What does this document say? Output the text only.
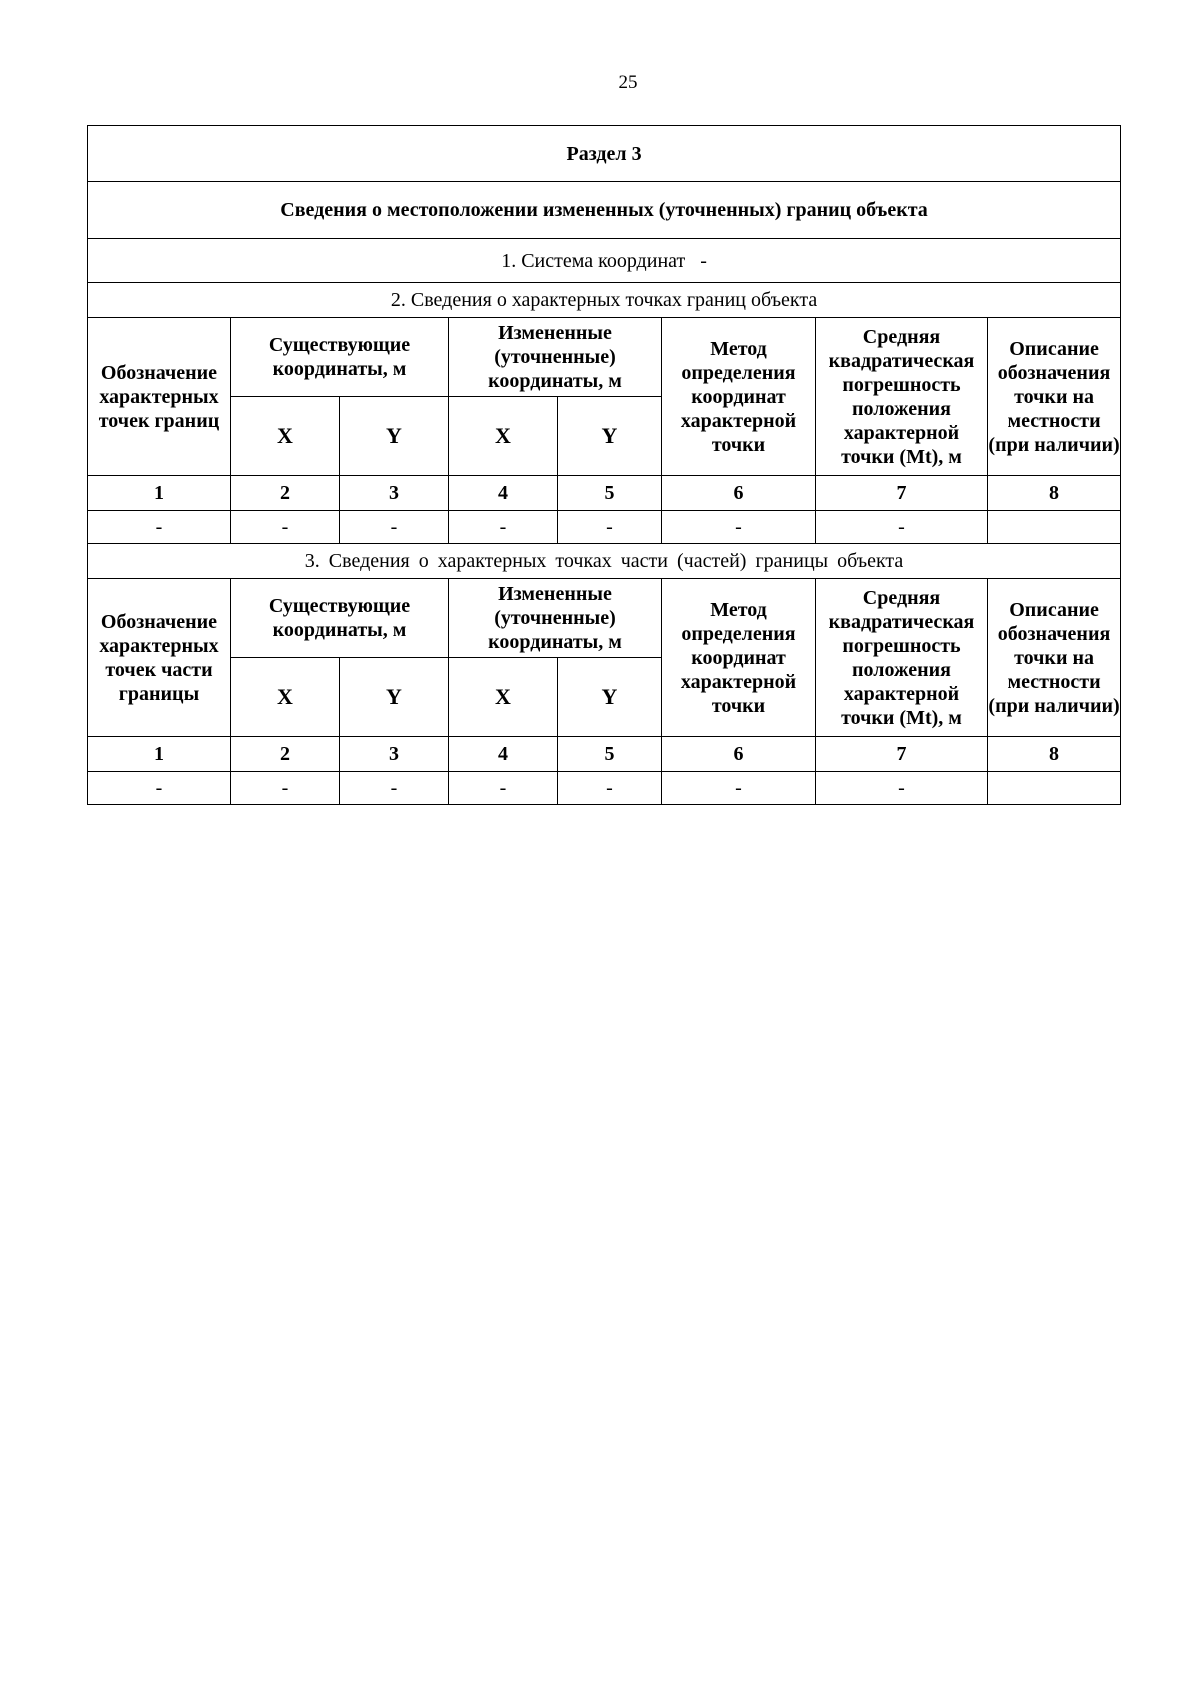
25
Раздел 3							
Сведения о местоположении измененных (уточненных) границ объекта							
1. Система координат -							
2. Сведения о характерных точках границ объекта							
Обозначение характерных точек границ	Существующие координаты, м		Измененные (уточненные) координаты, м		Метод определения координат характерной точки	Средняя квадратическая погрешность положения характерной точки (Mt), м	Описание обозначения точки на местности (при наличии)
	X	Y	X	Y			
1	2	3	4	5	6	7	8
-	-	-	-	-	-	-	
3. Сведения о характерных точках части (частей) границы объекта							
Обозначение характерных точек части границы	Существующие координаты, м		Измененные (уточненные) координаты, м		Метод определения координат характерной точки	Средняя квадратическая погрешность положения характерной точки (Mt), м	Описание обозначения точки на местности (при наличии)
	X	Y	X	Y			
1	2	3	4	5	6	7	8
-	-	-	-	-	-	-	
